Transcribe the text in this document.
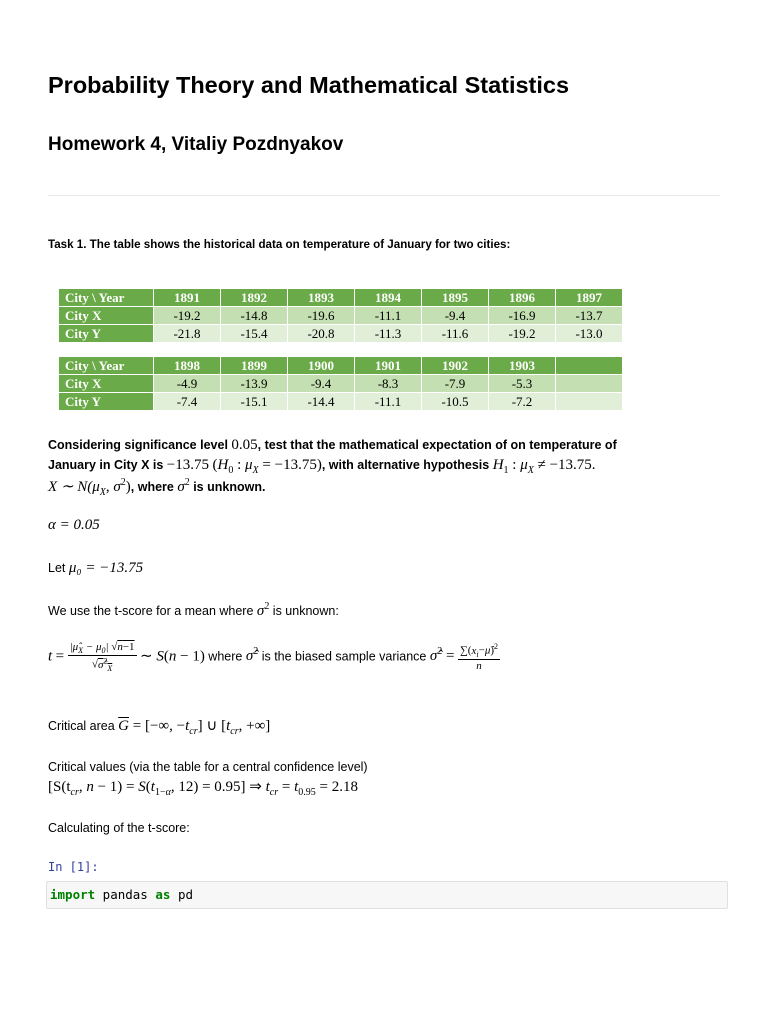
Probability Theory and Mathematical Statistics
Homework 4, Vitaliy Pozdnyakov
Task 1. The table shows the historical data on temperature of January for two cities:
City \ Year	1891	1892	1893	1894	1895	1896	1897
City X	-19.2	-14.8	-19.6	-11.1	-9.4	-16.9	-13.7
City Y	-21.8	-15.4	-20.8	-11.3	-11.6	-19.2	-13.0
City \ Year	1898	1899	1900	1901	1902	1903	
City X	-4.9	-13.9	-9.4	-8.3	-7.9	-5.3	
City Y	-7.4	-15.1	-14.4	-11.1	-10.5	-7.2	
Considering significance level 0.05, test that the mathematical expectation of on temperature of
January in City X is −13.75 ($H_0$ : $\mu_X = -13.75$), with alternative hypothesis $H_1$ : $\mu_X \ne -13.75$.
X ∼ $N(\mu_X$, $\sigma^2$), where $\sigma^2$ is unknown.
α = 0.05
Let μ₀ = −13.75
We use the t-score for a mean where $\sigma^2$ is unknown:
$t = \frac{|\mû_X - \mu_0| √n-1}{√\sigmâ^2_X}$ ∼ S(n − 1) where σ̂$^2$ is the biased sample variance σ̂$^2$ = $\frac{\sum(x_i-\mû)^2}{n}$
Critical area $\overline{G}$ = [−∞, $-t_{cr}$] ∪ [$t_{cr}$, +∞]
Critical values (via the table for a central confidence level)
[$S(t_{cr}$, $n - 1) = S(t_{1-\alpha}$, 12) = 0.95] ⇒ $t_{cr} = t_{0.95} = 2.18$
Calculating of the t-score:
In [1]:
import pandas as pd
